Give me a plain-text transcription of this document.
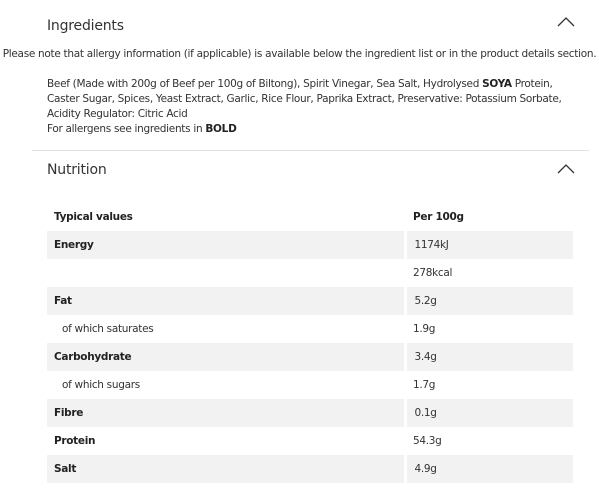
Ingredients

Please note that allergy information (if applicable) is available below the ingredient list or in the product details section.

Beef (Made with 200g of Beef per 100g of Biltong), Spirit Vinegar, Sea Salt, Hydrolysed SOYA Protein, Caster Sugar, Spices, Yeast Extract, Garlic, Rice Flour, Paprika Extract, Preservative: Potassium Sorbate, Acidity Regulator: Citric Acid

For allergens see ingredients in BOLD

Nutrition
Typical values	Per 100g
Energy	1174kJ
	278kcal
Fat	5.2g
of which saturates	1.9g
Carbohydrate	3.4g
of which sugars	1.7g
Fibre	0.1g
Protein	54.3g
Salt	4.9g
